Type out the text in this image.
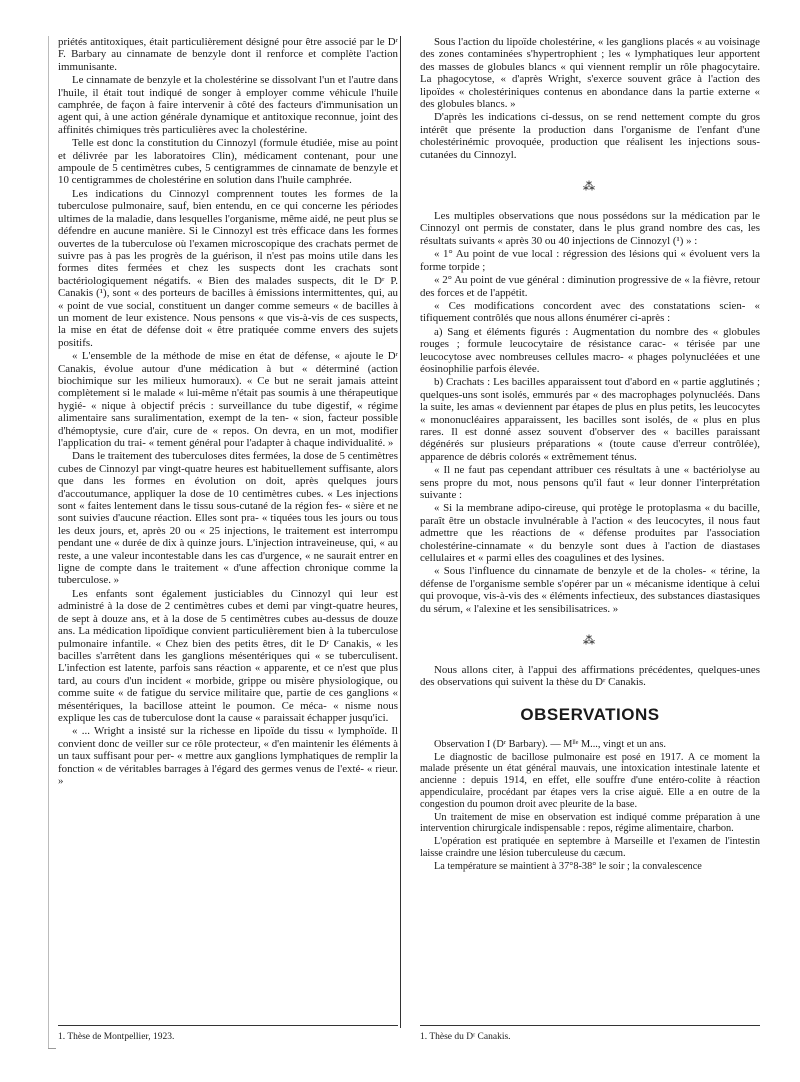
priétés antitoxiques, était particulièrement désigné pour être associé par le Dʳ F. Barbary au cinnamate de benzyle dont il renforce et complète l'action immunisante.

Le cinnamate de benzyle et la cholestérine se dissolvant l'un et l'autre dans l'huile, il était tout indiqué de songer à employer comme véhicule l'huile camphrée, de façon à faire intervenir à côté des facteurs d'immunisation un agent qui, à une action générale dynamique et antitoxique reconnue, joint des affinités chimiques très particulières avec la cholestérine.

Telle est donc la constitution du Cinnozyl (formule étudiée, mise au point et délivrée par les laboratoires Clin), médicament contenant, pour une ampoule de 5 centimètres cubes, 5 centigrammes de cinnamate de benzyle et 10 centigrammes de cholestérine en solution dans l'huile camphrée.

Les indications du Cinnozyl comprennent toutes les formes de la tuberculose pulmonaire, sauf, bien entendu, en ce qui concerne les périodes ultimes de la maladie, dans lesquelles l'organisme, même aidé, ne peut plus se défendre en aucune manière. Si le Cinnozyl est très efficace dans les formes ouvertes de la tuberculose où l'examen microscopique des crachats permet de suivre pas à pas les progrès de la guérison, il n'est pas moins utile dans les formes dites fermées et chez les suspects dont les crachats sont bactériologiquement négatifs. « Bien des malades suspects, dit le Dʳ P. Canakis (¹), sont « des porteurs de bacilles à émissions intermittentes, qui, au « point de vue social, constituent un danger comme semeurs « de bacilles à un moment de leur existence. Nous pensons « que vis-à-vis de ces suspects, la mise en état de défense doit « être pratiquée comme envers des sujets positifs.

« L'ensemble de la méthode de mise en état de défense, « ajoute le Dʳ Canakis, évolue autour d'une médication à but « déterminé (action biochimique sur les milieux humoraux). « Ce but ne serait jamais atteint complètement si le malade « lui-même n'était pas soumis à une thérapeutique hygié- « nique à objectif précis : surveillance du tube digestif, « régime alimentaire sans suralimentation, exempt de la ten- « sion, facteur possible d'hémoptysie, cure d'air, cure de « repos. On devra, en un mot, modifier l'application du trai- « tement général pour l'adapter à chaque individualité. »

Dans le traitement des tuberculoses dites fermées, la dose de 5 centimètres cubes de Cinnozyl par vingt-quatre heures est habituellement suffisante, alors que dans les formes en évolution on doit, après quelques jours d'accoutumance, appliquer la dose de 10 centimètres cubes. « Les injections sont « faites lentement dans le tissu sous-cutané de la région fes- « sière et ne sont suivies d'aucune réaction. Elles sont pra- « tiquées tous les jours ou tous les deux jours, et, après 20 ou « 25 injections, le traitement est interrompu pendant une « durée de dix à quinze jours. L'injection intraveineuse, qui, « au reste, a une valeur incontestable dans les cas d'urgence, « ne saurait entrer en ligne de compte dans le traitement « d'une affection chronique comme la tuberculose. »

Les enfants sont également justiciables du Cinnozyl qui leur est administré à la dose de 2 centimètres cubes et demi par vingt-quatre heures, de sept à douze ans, et à la dose de 5 centimètres cubes au-dessus de douze ans. La médication lipoïdique convient particulièrement bien à la tuberculose pulmonaire infantile. « Chez bien des petits êtres, dit le Dʳ Canakis, « les bacilles s'arrêtent dans les ganglions mésentériques qui « se tuberculisent. L'infection est latente, parfois sans réaction « apparente, et ce n'est que plus tard, au cours d'un incident « morbide, grippe ou misère physiologique, ou comme suite « de fatigue du service militaire que, partie de ces ganglions « mésentériques, la bacillose atteint le poumon. Ce méca- « nisme nous explique les cas de tuberculose dont la cause « paraissait échapper jusqu'ici.

« ... Wright a insisté sur la richesse en lipoïde du tissu « lymphoïde. Il convient donc de veiller sur ce rôle protecteur, « d'en maintenir les éléments à un taux suffisant pour per- « mettre aux ganglions lymphatiques de remplir la fonction « de véritables barrages à l'égard des germes venus de l'exté- « rieur. »

Sous l'action du lipoïde cholestérine, « les ganglions placés « au voisinage des zones contaminées s'hypertrophient ; les « lymphatiques leur apportent des masses de globules blancs « qui viennent remplir un rôle phagocytaire. La phagocytose, « d'après Wright, s'exerce souvent grâce à l'action des lipoïdes « cholestériniques contenus en abondance dans la partie externe « des globules blancs. »

D'après les indications ci-dessus, on se rend nettement compte du gros intérêt que présente la production dans l'organisme de l'enfant d'une cholestérinémic provoquée, production que réalisent les injections sous-cutanées du Cinnozyl.

⁂

Les multiples observations que nous possédons sur la médication par le Cinnozyl ont permis de constater, dans le plus grand nombre des cas, les résultats suivants « après 30 ou 40 injections de Cinnozyl (¹) » :

« 1° Au point de vue local : régression des lésions qui « évoluent vers la forme torpide ;

« 2° Au point de vue général : diminution progressive de « la fièvre, retour des forces et de l'appétit.

« Ces modifications concordent avec des constatations scien- « tifiquement contrôlés que nous allons énumérer ci-après :

a) Sang et éléments figurés : Augmentation du nombre des « globules rouges ; formule leucocytaire de résistance carac- « térisée par une leucocytose avec nombreuses cellules macro- « phages polynucléées et une éosinophilie parfois élevée.

b) Crachats : Les bacilles apparaissent tout d'abord en « partie agglutinés ; quelques-uns sont isolés, emmurés par « des macrophages polynucléés. Dans la suite, les amas « deviennent par étapes de plus en plus petits, les leucocytes « mononucléaires apparaissent, les bacilles sont isolés, de « plus en plus rares. Il est donné assez souvent d'observer des « bacilles paraissant dégénérés sur plusieurs préparations « (toute cause d'erreur contrôlée), apparence de débris colorés « extrêmement ténus.

« Il ne faut pas cependant attribuer ces résultats à une « bactériolyse au sens propre du mot, nous pensons qu'il faut « leur donner l'interprétation suivante :

« Si la membrane adipo-cireuse, qui protège le protoplasma « du bacille, paraît être un obstacle invulnérable à l'action « des leucocytes, il nous faut admettre que les réactions de « défense produites par l'association cholestérine-cinnamate « du benzyle sont dues à l'action de diastases cellulaires et « parmi elles des coagulines et des lysines.

« Sous l'influence du cinnamate de benzyle et de la choles- « térine, la défense de l'organisme semble s'opérer par un « mécanisme identique à celui qui provoque, vis-à-vis des « éléments infectieux, des substances diastasiques du sérum, « l'alexine et les sensibilisatrices. »

⁂

Nous allons citer, à l'appui des affirmations précédentes, quelques-unes des observations qui suivent la thèse du Dʳ Canakis.

OBSERVATIONS

Observation I (Dʳ Barbary). — Mˡˡᵉ M..., vingt et un ans.

Le diagnostic de bacillose pulmonaire est posé en 1917. A ce moment la malade présente un état général mauvais, une intoxication intestinale latente et ancienne : depuis 1914, en effet, elle souffre d'une entéro-colite à réaction appendiculaire, procédant par étapes vers la crise aiguë. Elle a en outre de la congestion du poumon droit avec pleurite de la base.

Un traitement de mise en observation est indiqué comme préparation à une intervention chirurgicale indispensable : repos, régime alimentaire, charbon.

L'opération est pratiquée en septembre à Marseille et l'examen de l'intestin laisse craindre une lésion tuberculeuse du cæcum.

La température se maintient à 37°8-38° le soir ; la convalescence

1. Thèse de Montpellier, 1923.	1. Thèse du Dʳ Canakis.
